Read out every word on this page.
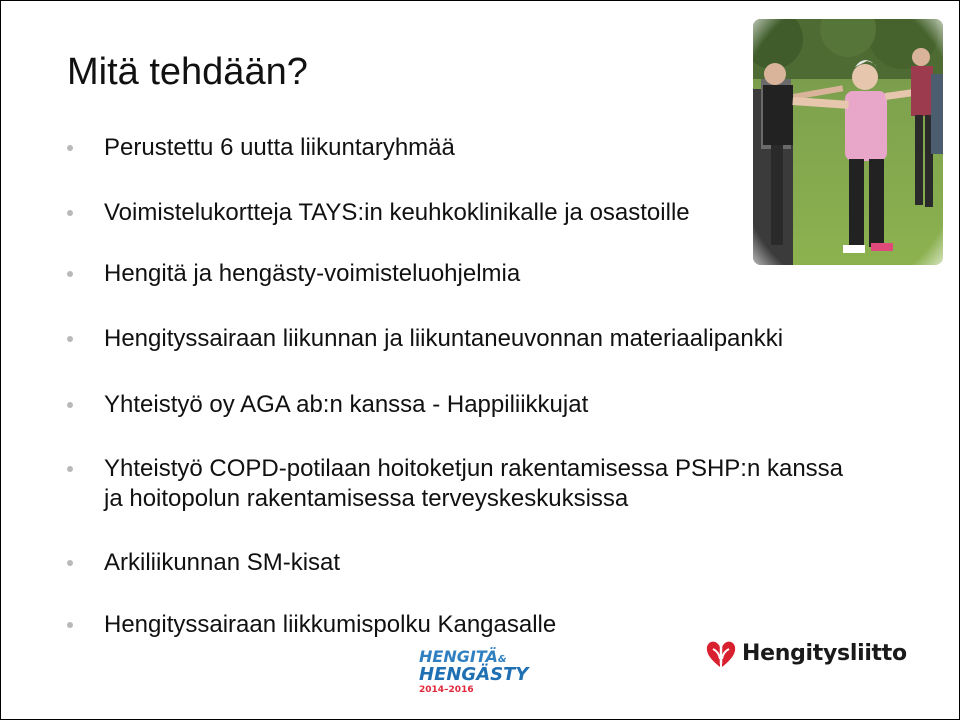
Mitä tehdään?
Perustettu 6 uutta liikuntaryhmää
Voimistelukortteja TAYS:in keuhkoklinikalle ja osastoille
Hengitä ja hengästy-voimisteluohjelmia
Hengityssairaan liikunnan ja liikuntaneuvonnan materiaalipankki
Yhteistyö oy AGA ab:n kanssa - Happiliikkujat
Yhteistyö COPD-potilaan hoitoketjun rakentamisessa PSHP:n kanssa ja hoitopolun rakentamisessa terveyskeskuksissa
Arkiliikunnan SM-kisat
Hengityssairaan liikkumispolku Kangasalle
HENGITÄ&
HENGÄSTY
2014–2016
Hengitysliitto
